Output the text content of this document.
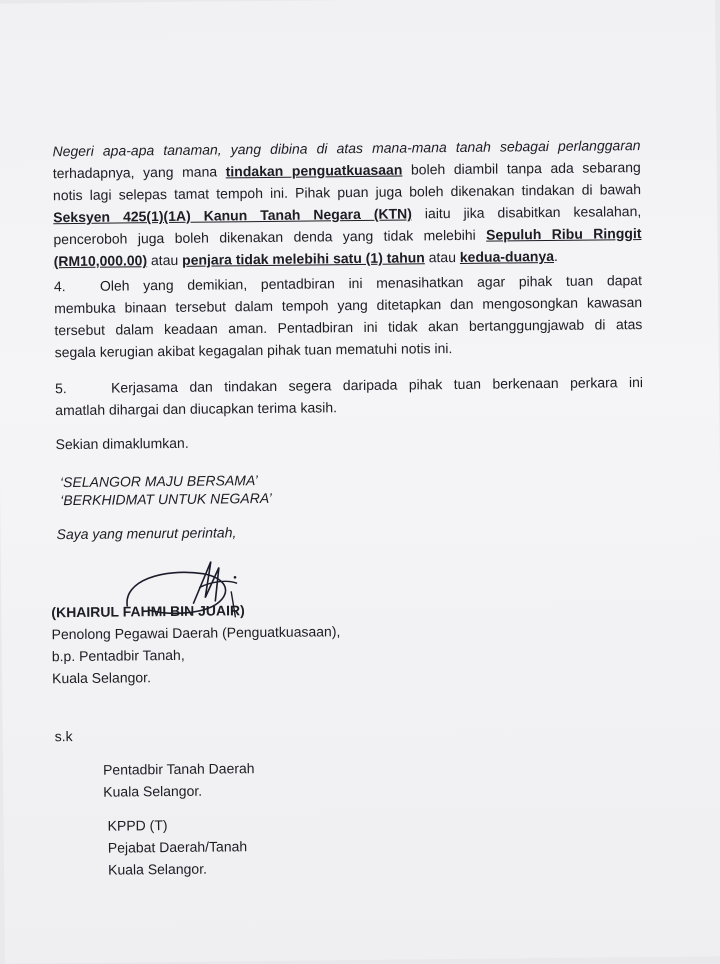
Negeri apa-apa tanaman, yang dibina di atas mana-mana tanah sebagai perlanggaran
terhadapnya, yang mana tindakan penguatkuasaan boleh diambil tanpa ada sebarang
notis lagi selepas tamat tempoh ini. Pihak puan juga boleh dikenakan tindakan di bawah
Seksyen 425(1)(1A) Kanun Tanah Negara (KTN) iaitu jika disabitkan kesalahan,
penceroboh juga boleh dikenakan denda yang tidak melebihi Sepuluh Ribu Ringgit
(RM10,000.00) atau penjara tidak melebihi satu (1) tahun atau kedua-duanya.
4. Oleh yang demikian, pentadbiran ini menasihatkan agar pihak tuan dapat
membuka binaan tersebut dalam tempoh yang ditetapkan dan mengosongkan kawasan
tersebut dalam keadaan aman. Pentadbiran ini tidak akan bertanggungjawab di atas
segala kerugian akibat kegagalan pihak tuan mematuhi notis ini.
5.	Kerjasama dan tindakan segera daripada pihak tuan berkenaan perkara ini
amatlah dihargai dan diucapkan terima kasih.
Sekian dimaklumkan.
‘SELANGOR MAJU BERSAMA’
‘BERKHIDMAT UNTUK NEGARA’
Saya yang menurut perintah,
(KHAIRUL FAHMI BIN JUAIR)
Penolong Pegawai Daerah (Penguatkuasaan),
b.p. Pentadbir Tanah,
Kuala Selangor.
s.k
Pentadbir Tanah Daerah
Kuala Selangor.
KPPD (T)
Pejabat Daerah/Tanah
Kuala Selangor.
